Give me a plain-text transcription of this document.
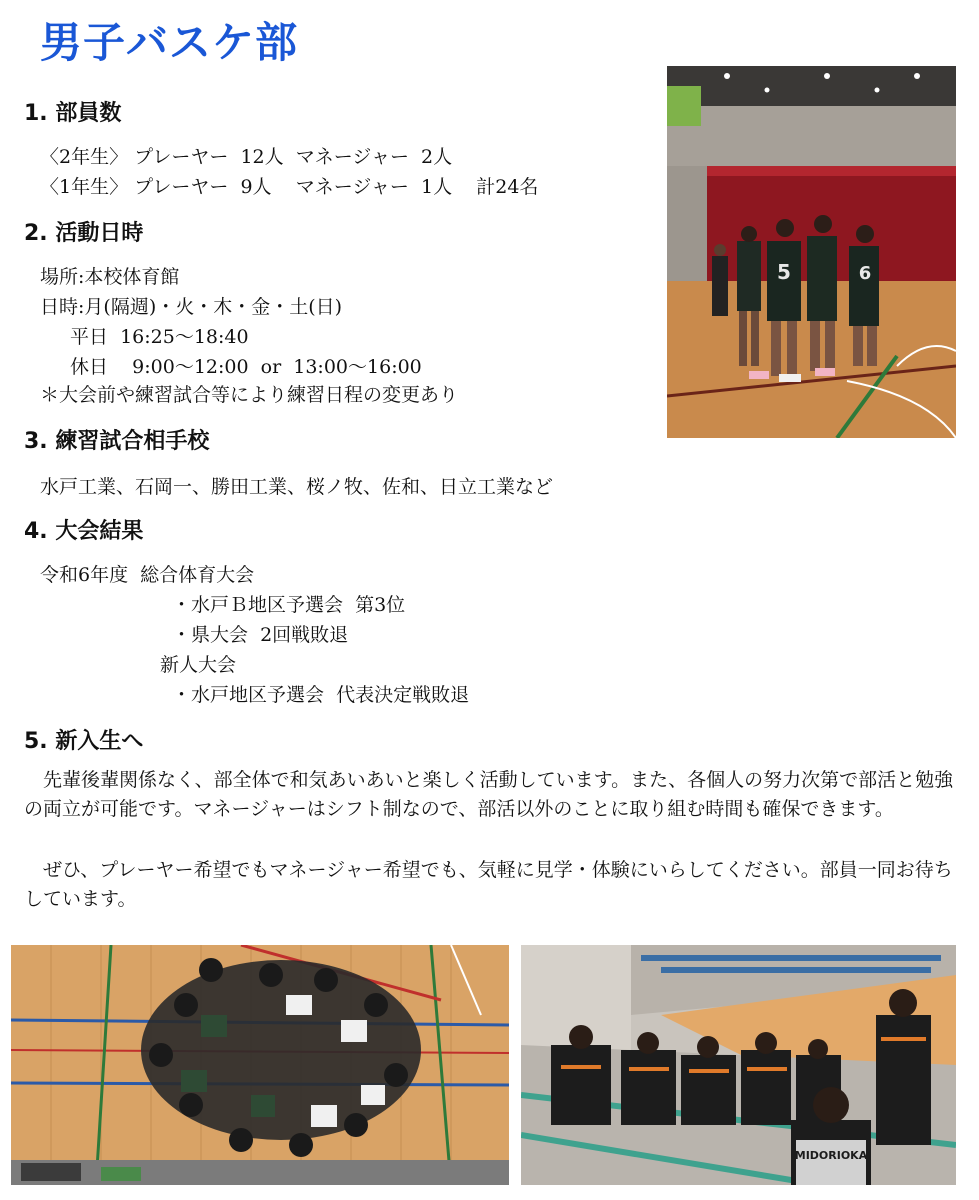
男子バスケ部
1. 部員数
〈2年生〉 プレーヤー  12人  マネージャー  2人
〈1年生〉 プレーヤー  9人    マネージャー  1人    計24名
2. 活動日時
場所:本校体育館
日時:月(隔週)・火・木・金・土(日)
平日  16:25～18:40
休日    9:00～12:00  or  13:00～16:00
＊大会前や練習試合等により練習日程の変更あり
3. 練習試合相手校
水戸工業、石岡一、勝田工業、桜ノ牧、佐和、日立工業など
4. 大会結果
令和6年度  総合体育大会
・水戸Ｂ地区予選会  第3位
・県大会  2回戦敗退
新人大会
・水戸地区予選会  代表決定戦敗退
5. 新入生へ
先輩後輩関係なく、部全体で和気あいあいと楽しく活動しています。また、各個人の努力次第で部活と勉強の両立が可能です。マネージャーはシフト制なので、部活以外のことに取り組む時間も確保できます。
ぜひ、プレーヤー希望でもマネージャー希望でも、気軽に見学・体験にいらしてください。部員一同お待ちしています。
5	6
MIDORIOKA
